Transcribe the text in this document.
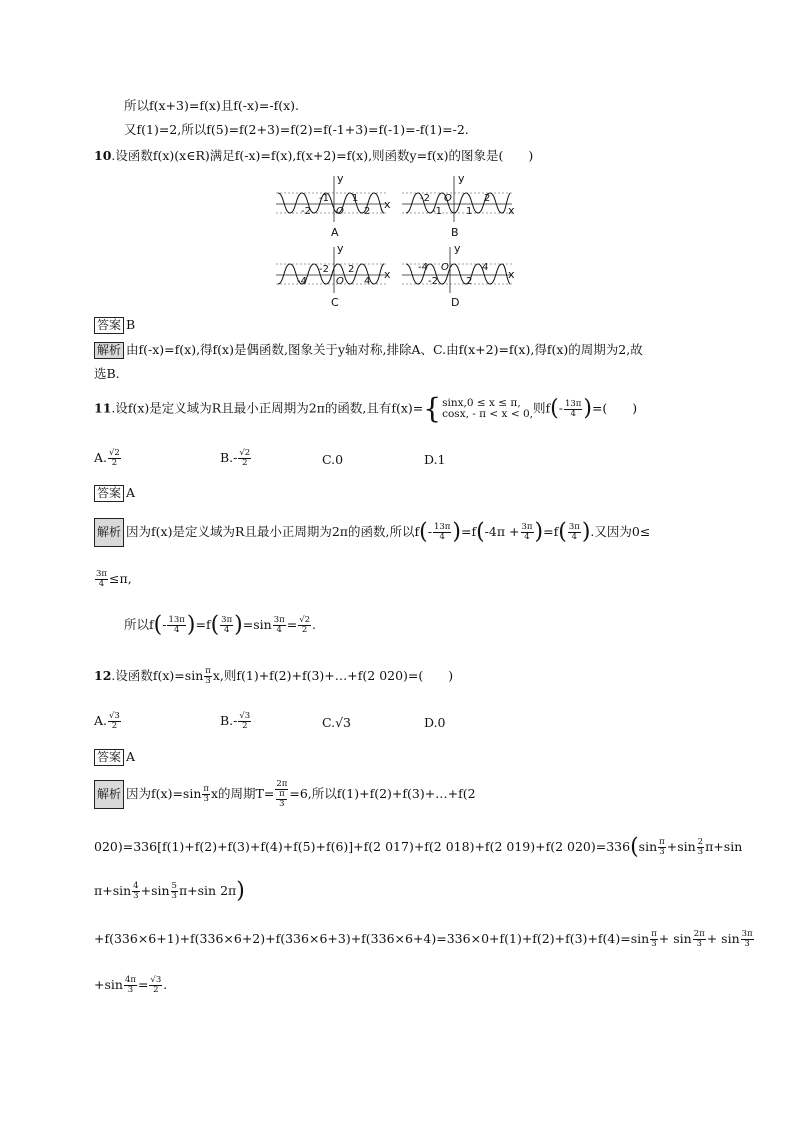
所以f(x+3)=f(x)且f(-x)=-f(x).
又f(1)=2,所以f(5)=f(2+3)=f(2)=f(-1+3)=f(-1)=-f(1)=-2.
10.设函数f(x)(x∈R)满足f(-x)=f(x),f(x+2)=f(x),则函数y=f(x)的图象是(　　)
y
x
-2
-1
O
1
2
A
y
x
-2
-1
O
1
2
B
y
x
-4
-2
O
2
4
C
y
x
-4
-2
O
2
4
D
答案 B
解析 由f(-x)=f(x),得f(x)是偶函数,图象关于y轴对称,排除A、C.由f(x+2)=f(x),得f(x)的周期为2,故
选B.
11.设f(x)是定义域为R且最小正周期为2π的函数,且有f(x)={ sinx,0 ≤ x ≤ π,
cosx, - π < x < 0, 则$f(- \frac{13\pi}{4}$ )=(　　)
A. $\frac{√2}{2}$	$B.- \frac{√2}{2}$	C.0	D.1
答案 A
解析 因为f(x)是定义域为R且最小正周期为2π的函数,所以$f(- \frac{13\pi}{4} )=f(-4\pi + \frac{3\pi}{4} )=f( \frac{3\pi}{4}$ ).又因为0≤
$\frac{3\pi}{4} \le\pi$,
所以$f(- \frac{13\pi}{4} )=f( \frac{3\pi}{4} )=\sin \frac{3\pi}{4} = \frac{√2}{2}$ .
12.设函数$f(x)=\sin \frac{\pi}{3} x$,则f(1)+f(2)+f(3)+…+f(2 020)=(　　)
A. $\frac{√3}{2}$	$B.- \frac{√3}{2}$	C.√3	D.0
答案 A
解析 因为$f(x)=\sin \frac{\pi}{3}$ x的周期T= 2π
π
3 =6,所以f(1)+f(2)+f(3)+…+f(2
020)=336[f(1)+f(2)+f(3)+f(4)+f(5)+f(6)]+f(2 017)+f(2 018)+f(2 019)+f(2 $020)=336(\sin \frac{\pi}{3} +\sin \frac{2}{3} \pi+\sin$
$\pi+\sin \frac{4}{3} +\sin \frac{5}{3} \pi+\sin$ 2π)
$+f(336\times 6+1)+f(336\times 6+2)+f(336\times 6+3)+f(336\times 6+4)=336\times 0+f(1)+f(2)+f(3)+f(4)=\sin \frac{\pi}{3} + \sin \frac{2\pi}{3} + \sin \frac{3\pi}{3}$
$+\sin \frac{4\pi}{3} = \frac{√3}{2}$ .
